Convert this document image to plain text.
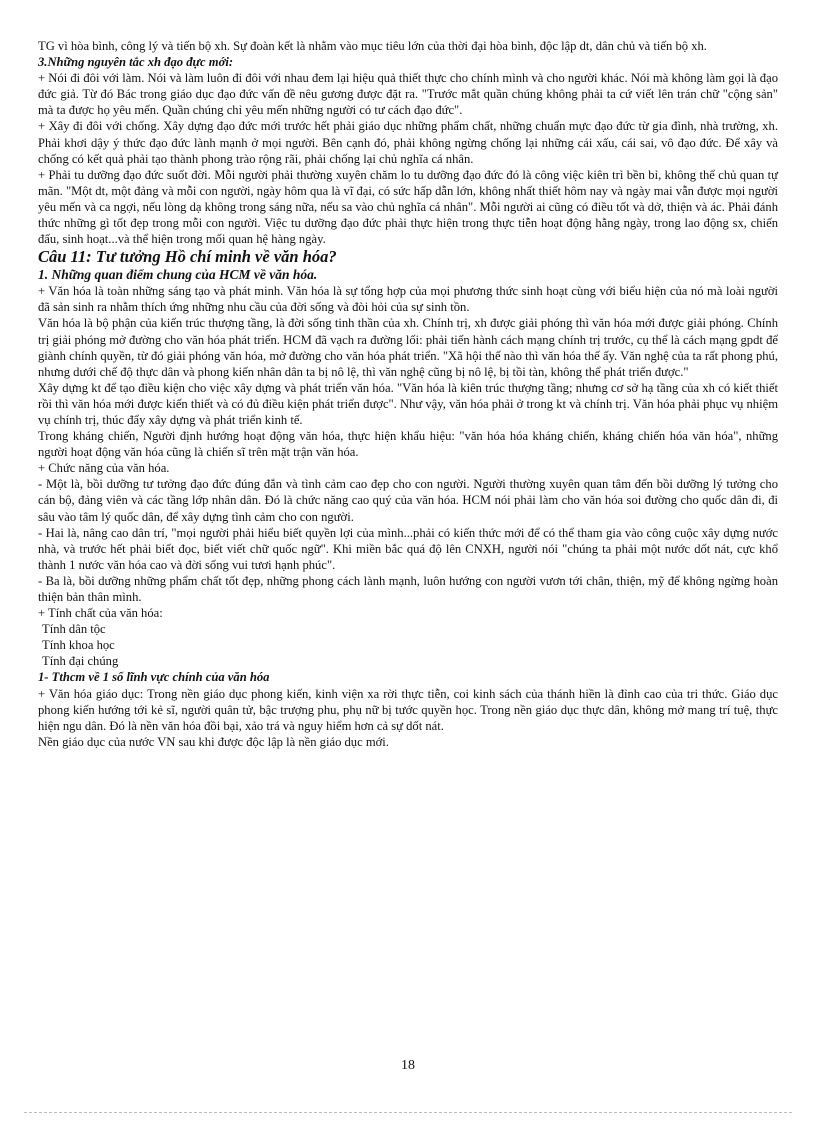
TG vì hòa bình, công lý và tiến bộ xh. Sự đoàn kết là nhằm vào mục tiêu lớn của thời đại hòa bình, độc lập dt, dân chủ và tiến bộ xh.

3.Những nguyên tắc xh đạo đực mới:

+ Nói đi đôi với làm. Nói và làm luôn đi đôi với nhau đem lại hiệu quả thiết thực cho chính mình và cho người khác. Nói mà không làm gọi là đạo đức giả. Từ đó Bác trong giáo dục đạo đức vấn đề nêu gương được đặt ra. "Trước mắt quần chúng không phải ta cứ viết lên trán chữ "cộng sản" mà ta được họ yêu mến. Quần chúng chỉ yêu mến những người có tư cách đạo đức".

+ Xây đi đôi với chống. Xây dựng đạo đức mới trước hết phải giáo dục những phẩm chất, những chuẩn mực đạo đức từ gia đình, nhà trường, xh. Phải khơi dậy ý thức đạo đức lành mạnh ở mọi người. Bên cạnh đó, phải không ngừng chống lại những cái xấu, cái sai, vô đạo đức. Để xây và chống có kết quả phải tạo thành phong trào rộng rãi, phải chống lại chủ nghĩa cá nhân.

+ Phải tu dưỡng đạo đức suốt đời. Mỗi người phải thường xuyên chăm lo tu dưỡng đạo đức đó là công việc kiên trì bền bỉ, không thể chủ quan tự mãn. "Một dt, một đảng và mỗi con người, ngày hôm qua là vĩ đại, có sức hấp dẫn lớn, không nhất thiết hôm nay và ngày mai vẫn được mọi người yêu mến và ca ngợi, nếu lòng dạ không trong sáng nữa, nếu sa vào chủ nghĩa cá nhân". Mỗi người ai cũng có điều tốt và dở, thiện và ác. Phải đánh thức những gì tốt đẹp trong mỗi con người. Việc tu dưỡng đạo đức phải thực hiện trong thực tiễn hoạt động hằng ngày, trong lao động sx, chiến đấu, sinh hoạt...và thể hiện trong mối quan hệ hàng ngày.

Câu 11: Tư tưởng Hồ chí minh về văn hóa?

1. Những quan điểm chung của HCM về văn hóa.

+ Văn hóa là toàn những sáng tạo và phát minh. Văn hóa là sự tổng hợp của mọi phương thức sinh hoạt cùng với biểu hiện của nó mà loài người đã sản sinh ra nhằm thích ứng những nhu cầu của đời sống và đòi hỏi của sự sinh tồn.

Văn hóa là bộ phận của kiến trúc thượng tầng, là đời sống tinh thần của xh. Chính trị, xh được giải phóng thì văn hóa mới được giải phóng. Chính trị giải phóng mở đường cho văn hóa phát triển. HCM đã vạch ra đường lối: phải tiến hành cách mạng chính trị trước, cụ thể là cách mạng gpdt để giành chính quyền, từ đó giải phóng văn hóa, mở đường cho văn hóa phát triển. "Xã hội thế nào thì văn hóa thế ấy. Văn nghệ của ta rất phong phú, nhưng dưới chế độ thực dân và phong kiến nhân dân ta bị nô lệ, thì văn nghệ cũng bị nô lệ, bị tồi tàn, không thể phát triển được."

Xây dựng kt để tạo điều kiện cho việc xây dựng và phát triển văn hóa. "Văn hóa là kiên trúc thượng tầng; nhưng cơ sở hạ tầng của xh có kiết thiết rồi thì văn hóa mới được kiến thiết và có đủ điều kiện phát triển được". Như vậy, văn hóa phải ở trong kt và chính trị. Văn hóa phải phục vụ nhiệm vụ chính trị, thúc đẩy xây dựng và phát triển kinh tế.

Trong kháng chiến, Người định hướng hoạt động văn hóa, thực hiện khẩu hiệu: "văn hóa hóa kháng chiến, kháng chiến hóa văn hóa", những người hoạt động văn hóa cũng là chiến sĩ trên mặt trận văn hóa.

+ Chức năng của văn hóa.

- Một là, bồi dưỡng tư tưởng đạo đức đúng đắn và tình cảm cao đẹp cho con người. Người thường xuyên quan tâm đến bồi dưỡng lý tưởng cho cán bộ, đảng viên và các tầng lớp nhân dân. Đó là chức năng cao quý của văn hóa. HCM nói phải làm cho văn hóa soi đường cho quốc dân đi, đi sâu vào tâm lý quốc dân, để xây dựng tình cảm cho con người.

- Hai là, nâng cao dân trí, "mọi người phải hiểu biết quyền lợi của mình...phải có kiến thức mới để có thể tham gia vào công cuộc xây dựng nước nhà, và trước hết phải biết đọc, biết viết chữ quốc ngữ". Khi miền bắc quá độ lên CNXH, người nói "chúng ta phải một nước dốt nát, cực khổ thành 1 nước văn hóa cao và đời sống vui tươi hạnh phúc".

- Ba là, bồi dưỡng những phẩm chất tốt đẹp, những phong cách lành mạnh, luôn hướng con người vươn tới chân, thiện, mỹ để không ngừng hoàn thiện bản thân mình.

+ Tính chất của văn hóa:

Tính dân tộc

Tính khoa học

Tính đại chúng

1- Tthcm về 1 số lĩnh vực chính của văn hóa

+ Văn hóa giáo dục: Trong nền giáo dục phong kiến, kinh viện xa rời thực tiễn, coi kinh sách của thánh hiền là đỉnh cao của tri thức. Giáo dục phong kiến hướng tới kẻ sĩ, người quân tử, bậc trượng phu, phụ nữ bị tước quyền học. Trong nền giáo dục thực dân, không mở mang trí tuệ, thực hiện ngu dân. Đó là nền văn hóa đồi bại, xảo trá và nguy hiểm hơn cả sự dốt nát.

Nền giáo dục của nước VN sau khi được độc lập là nền giáo dục mới.

18
